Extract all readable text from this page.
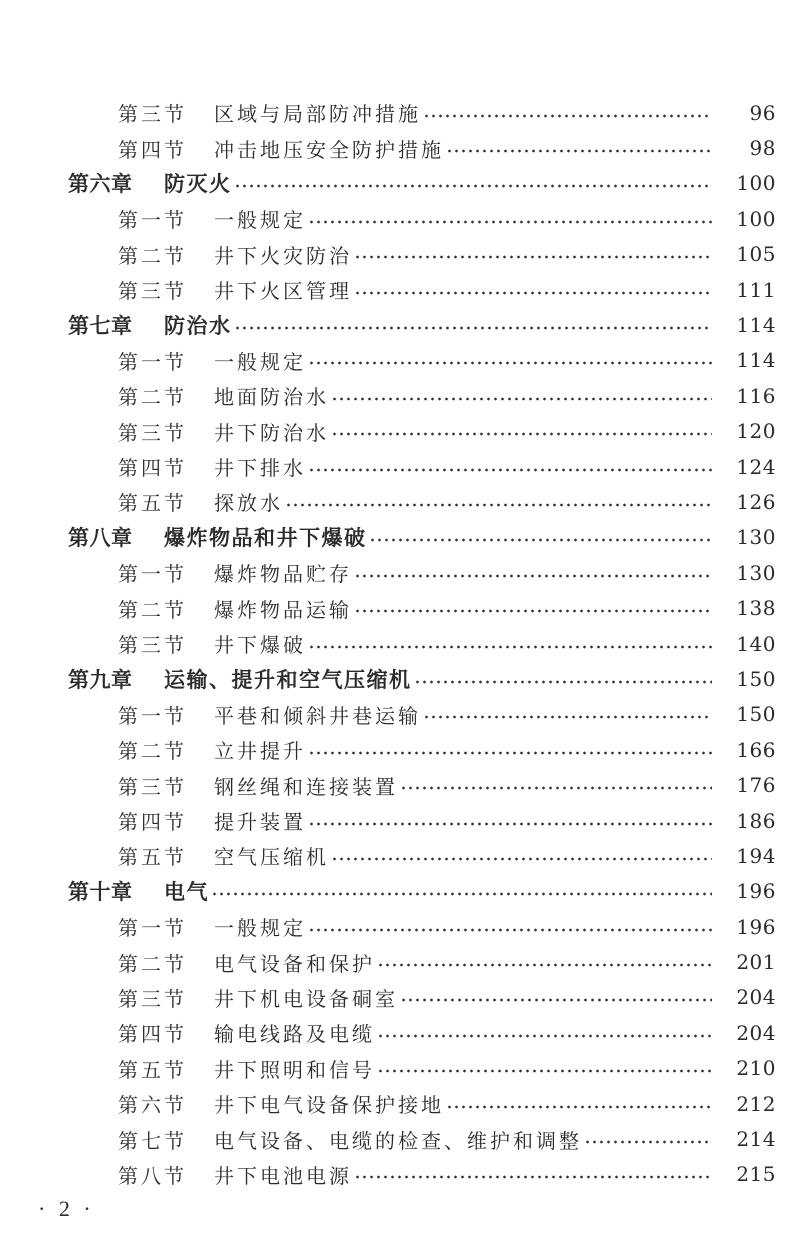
第三节	区域与局部防冲措施	96
第四节	冲击地压安全防护措施	98
第六章	防灭火	100
第一节	一般规定	100
第二节	井下火灾防治	105
第三节	井下火区管理	111
第七章	防治水	114
第一节	一般规定	114
第二节	地面防治水	116
第三节	井下防治水	120
第四节	井下排水	124
第五节	探放水	126
第八章	爆炸物品和井下爆破	130
第一节	爆炸物品贮存	130
第二节	爆炸物品运输	138
第三节	井下爆破	140
第九章	运输、提升和空气压缩机	150
第一节	平巷和倾斜井巷运输	150
第二节	立井提升	166
第三节	钢丝绳和连接装置	176
第四节	提升装置	186
第五节	空气压缩机	194
第十章	电气	196
第一节	一般规定	196
第二节	电气设备和保护	201
第三节	井下机电设备硐室	204
第四节	输电线路及电缆	204
第五节	井下照明和信号	210
第六节	井下电气设备保护接地	212
第七节	电气设备、电缆的检查、维护和调整	214
第八节	井下电池电源	215
· 2 ·
